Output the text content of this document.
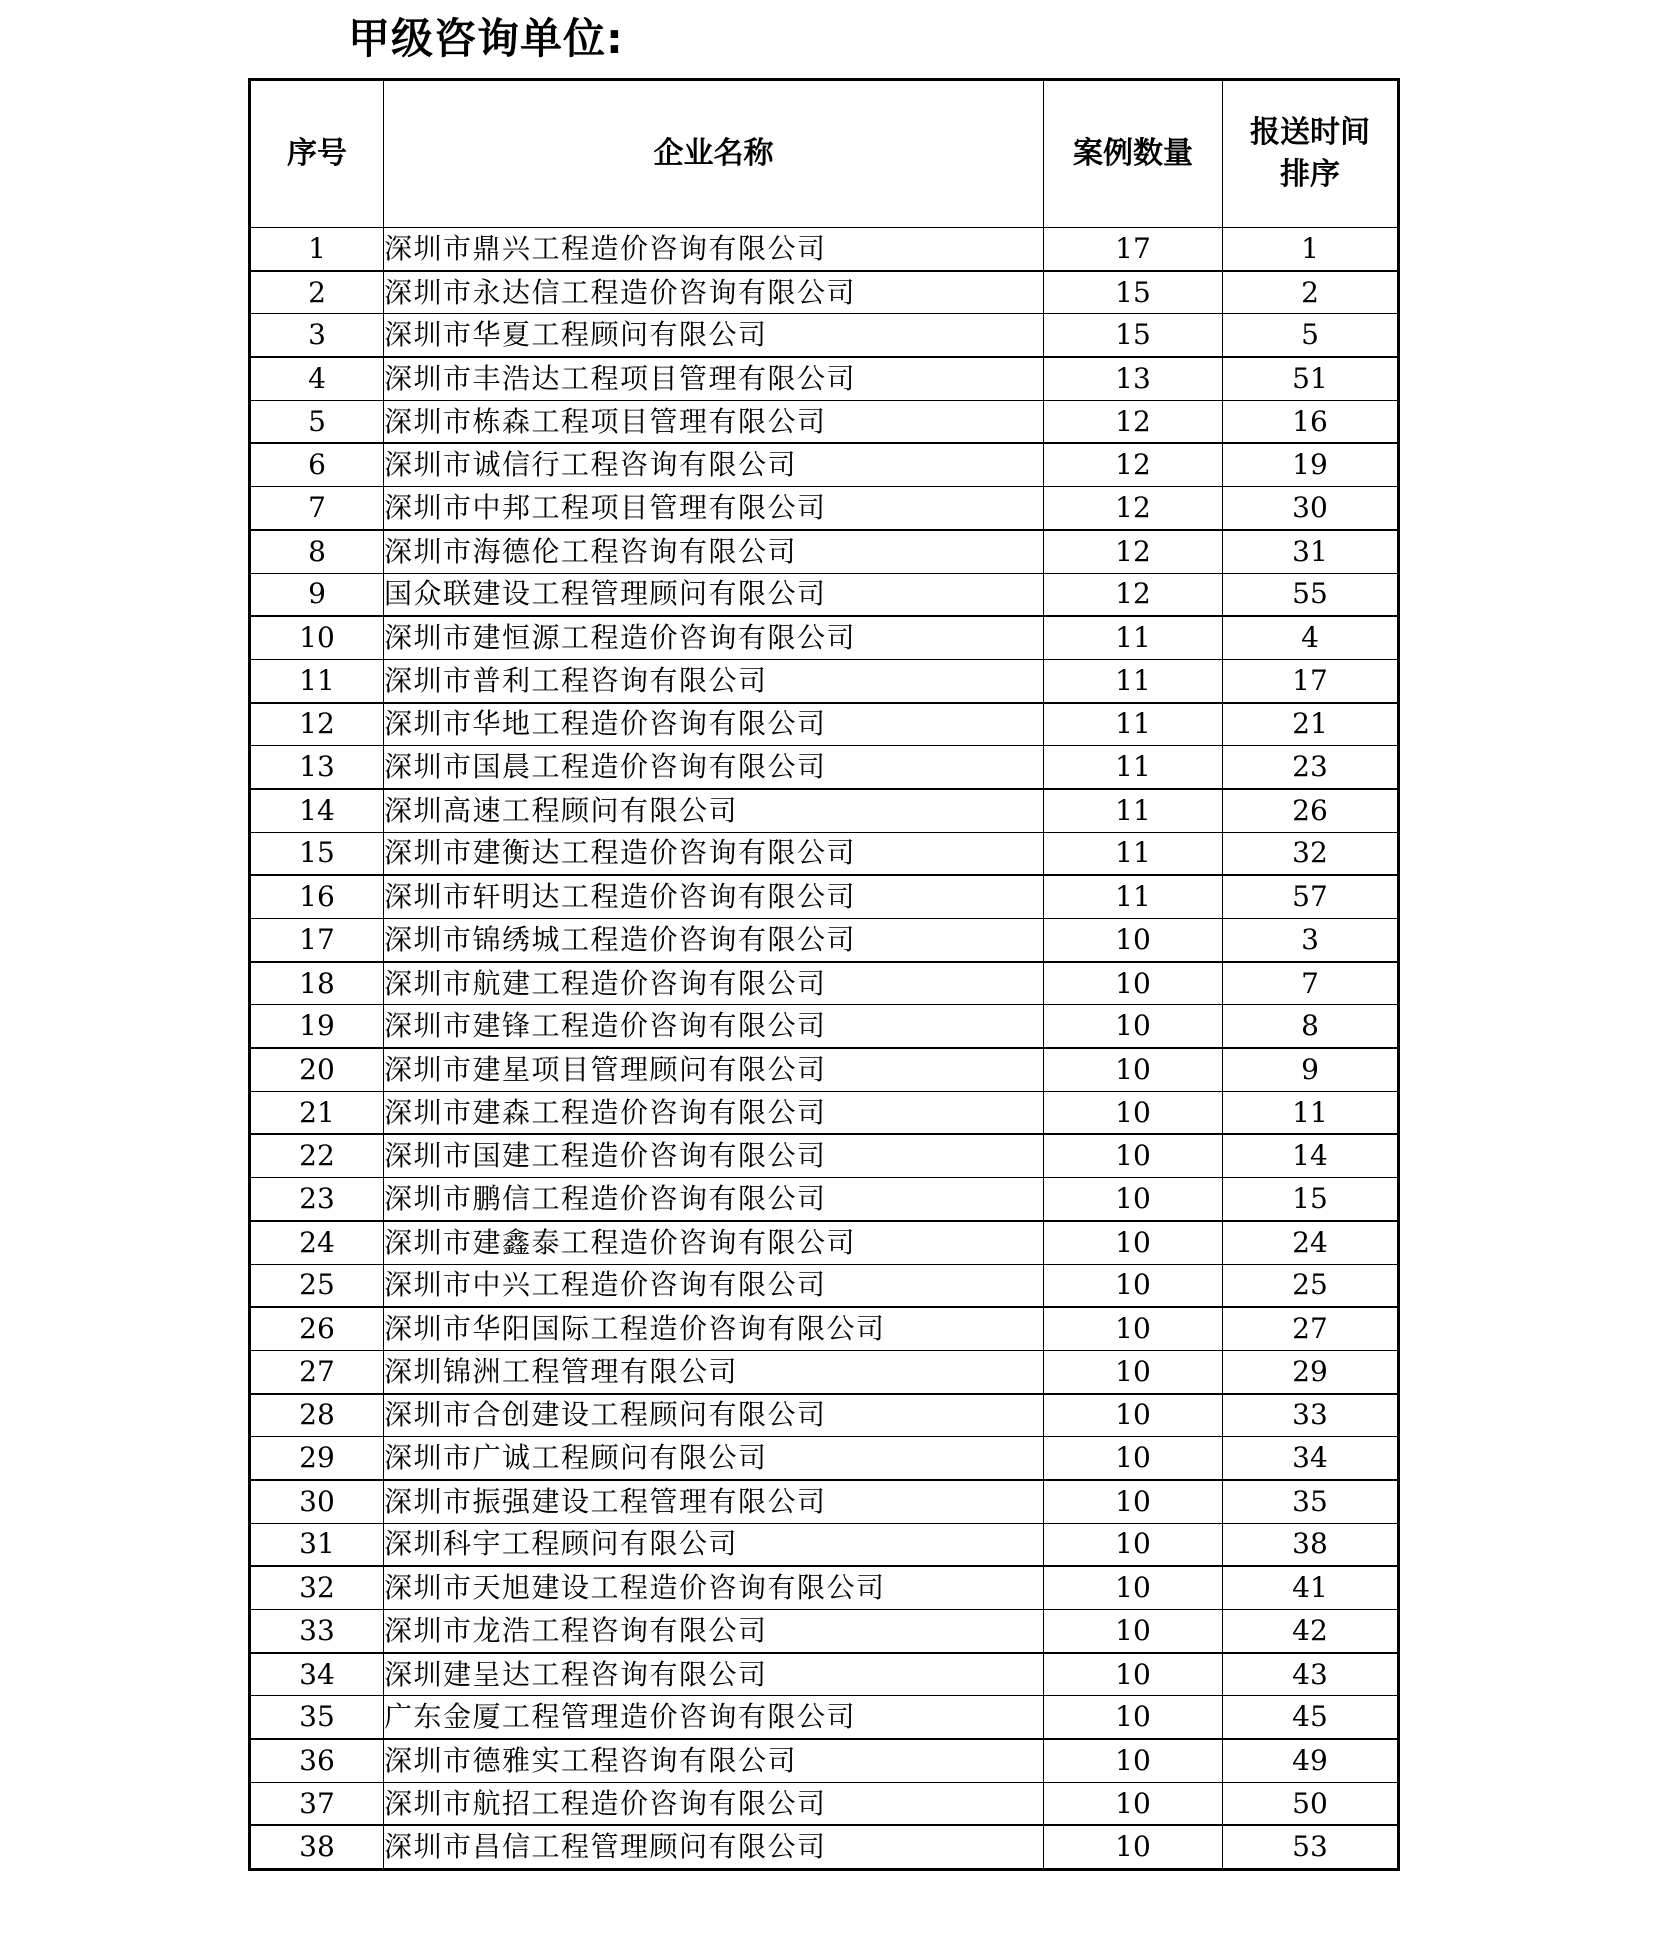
甲级咨询单位:
序号	企业名称	案例数量	报送时间
排序

1	深圳市鼎兴工程造价咨询有限公司	17	1
2	深圳市永达信工程造价咨询有限公司	15	2
3	深圳市华夏工程顾问有限公司	15	5
4	深圳市丰浩达工程项目管理有限公司	13	51
5	深圳市栋森工程项目管理有限公司	12	16
6	深圳市诚信行工程咨询有限公司	12	19
7	深圳市中邦工程项目管理有限公司	12	30
8	深圳市海德伦工程咨询有限公司	12	31
9	国众联建设工程管理顾问有限公司	12	55
10	深圳市建恒源工程造价咨询有限公司	11	4
11	深圳市普利工程咨询有限公司	11	17
12	深圳市华地工程造价咨询有限公司	11	21
13	深圳市国晨工程造价咨询有限公司	11	23
14	深圳高速工程顾问有限公司	11	26
15	深圳市建衡达工程造价咨询有限公司	11	32
16	深圳市轩明达工程造价咨询有限公司	11	57
17	深圳市锦绣城工程造价咨询有限公司	10	3
18	深圳市航建工程造价咨询有限公司	10	7
19	深圳市建锋工程造价咨询有限公司	10	8
20	深圳市建星项目管理顾问有限公司	10	9
21	深圳市建森工程造价咨询有限公司	10	11
22	深圳市国建工程造价咨询有限公司	10	14
23	深圳市鹏信工程造价咨询有限公司	10	15
24	深圳市建鑫泰工程造价咨询有限公司	10	24
25	深圳市中兴工程造价咨询有限公司	10	25
26	深圳市华阳国际工程造价咨询有限公司	10	27
27	深圳锦洲工程管理有限公司	10	29
28	深圳市合创建设工程顾问有限公司	10	33
29	深圳市广诚工程顾问有限公司	10	34
30	深圳市振强建设工程管理有限公司	10	35
31	深圳科宇工程顾问有限公司	10	38
32	深圳市天旭建设工程造价咨询有限公司	10	41
33	深圳市龙浩工程咨询有限公司	10	42
34	深圳建呈达工程咨询有限公司	10	43
35	广东金厦工程管理造价咨询有限公司	10	45
36	深圳市德雅实工程咨询有限公司	10	49
37	深圳市航招工程造价咨询有限公司	10	50
38	深圳市昌信工程管理顾问有限公司	10	53
